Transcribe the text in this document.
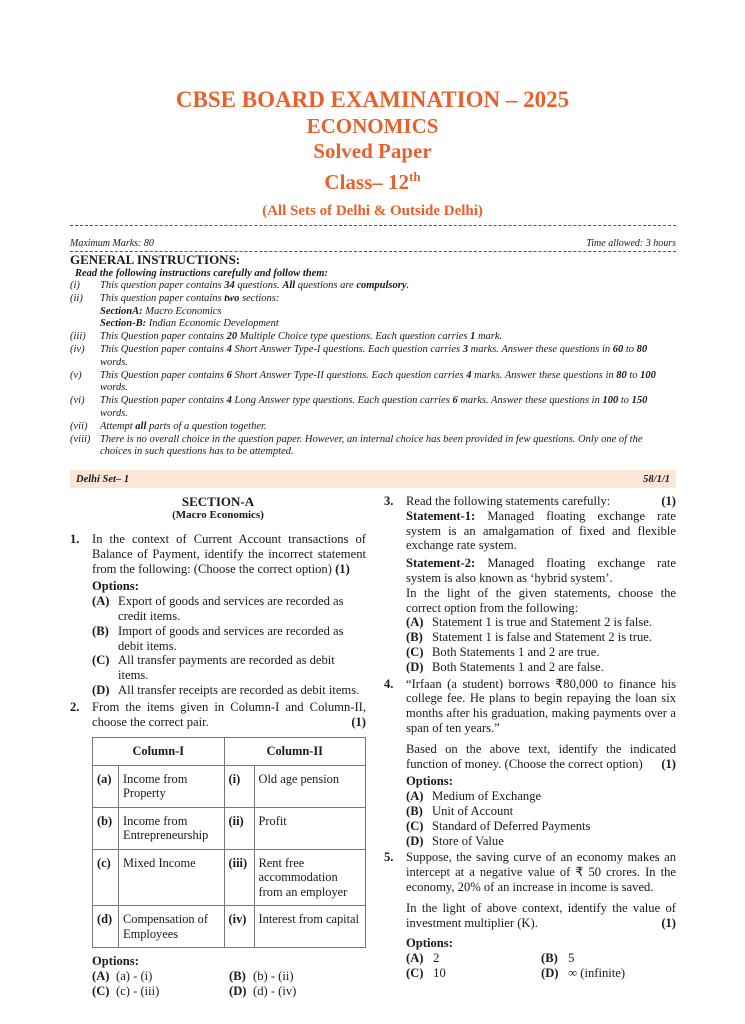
CBSE BOARD EXAMINATION – 2025
ECONOMICS
Solved Paper
Class– 12th
(All Sets of Delhi & Outside Delhi)
Maximum Marks: 80	Time allowed: 3 hours
GENERAL INSTRUCTIONS:
Read the following instructions carefully and follow them:
(i)	This question paper contains 34 questions. All questions are compulsory.
(ii)	This question paper contains two sections:
SectionA: Macro Economics
Section-B: Indian Economic Development
(iii)	This Question paper contains 20 Multiple Choice type questions. Each question carries 1 mark.
(iv)	This Question paper contains 4 Short Answer Type-I questions. Each question carries 3 marks. Answer these questions in 60 to 80 words.
(v)	This Question paper contains 6 Short Answer Type-II questions. Each question carries 4 marks. Answer these questions in 80 to 100 words.
(vi)	This Question paper contains 4 Long Answer type questions. Each question carries 6 marks. Answer these questions in 100 to 150 words.
(vii)	Attempt all parts of a question together.
(viii) There is no overall choice in the question paper. However, an internal choice has been provided in few questions. Only one of the choices in such questions has to be attempted.
Delhi Set– 1	58/1/1
SECTION-A
(Macro Economics)
1. In the context of Current Account transactions of Balance of Payment, identify the incorrect statement from the following: (Choose the correct option) (1)
Options:
(A) Export of goods and services are recorded as credit items.
(B) Import of goods and services are recorded as debit items.
(C) All transfer payments are recorded as debit items.
(D) All transfer receipts are recorded as debit items.
2. From the items given in Column-I and Column-II, choose the correct pair.	(1)
Column-I		Column-II	
(a)	Income from Property	(i)	Old age pension
(b)	Income from Entrepreneurship	(ii)	Profit
(c)	Mixed Income	(iii)	Rent free accommodation from an employer
(d)	Compensation of Employees	(iv)	Interest from capital
Options:
(A) (a) - (i)	(B) (b) - (ii)
(C) (c) - (iii)	(D) (d) - (iv)
3. Read the following statements carefully:	(1)
Statement-1: Managed floating exchange rate system is an amalgamation of fixed and flexible exchange rate system.
Statement-2: Managed floating exchange rate system is also known as ‘hybrid system’.
In the light of the given statements, choose the correct option from the following:
(A) Statement 1 is true and Statement 2 is false.
(B) Statement 1 is false and Statement 2 is true.
(C) Both Statements 1 and 2 are true.
(D) Both Statements 1 and 2 are false.
4. “Irfaan (a student) borrows ₹80,000 to finance his college fee. He plans to begin repaying the loan six months after his graduation, making payments over a span of ten years.”
Based on the above text, identify the indicated function of money. (Choose the correct option) (1)
Options:
(A) Medium of Exchange
(B) Unit of Account
(C) Standard of Deferred Payments
(D) Store of Value
5. Suppose, the saving curve of an economy makes an intercept at a negative value of ₹ 50 crores. In the economy, 20% of an increase in income is saved.
In the light of above context, identify the value of investment multiplier (K).	(1)
Options:
(A) 2	(B) 5
(C) 10	(D) ∞ (infinite)
